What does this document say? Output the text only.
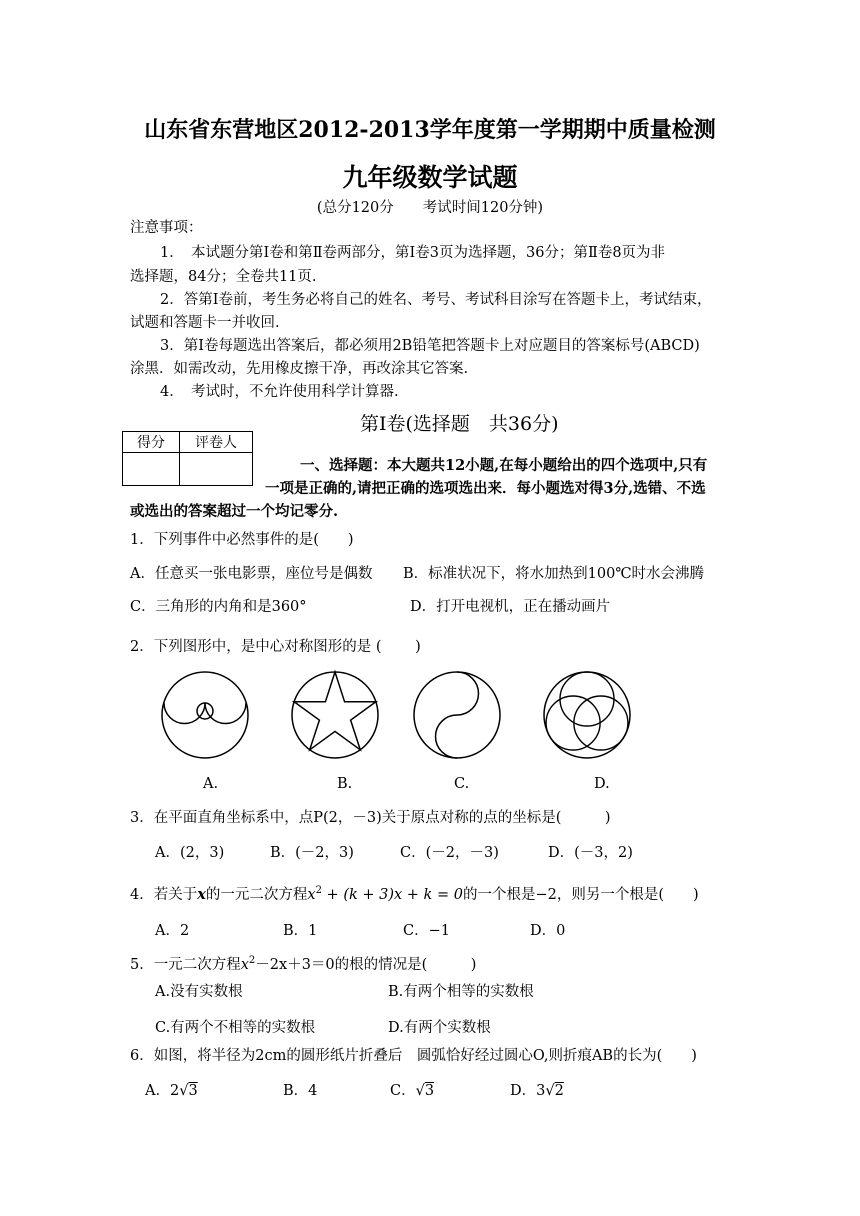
山东省东营地区2012-2013学年度第一学期期中质量检测
九年级数学试题
(总分120分　　考试时间120分钟)
注意事项：
1．　本试题分第Ⅰ卷和第Ⅱ卷两部分，第Ⅰ卷3页为选择题，36分；第Ⅱ卷8页为非
选择题，84分；全卷共11页.
2．答第Ⅰ卷前，考生务必将自己的姓名、考号、考试科目涂写在答题卡上，考试结束，
试题和答题卡一并收回.
3．第Ⅰ卷每题选出答案后，都必须用2B铅笔把答题卡上对应题目的答案标号(ABCD)
涂黑．如需改动，先用橡皮擦干净，再改涂其它答案.
4．　考试时，不允许使用科学计算器.
第Ⅰ卷(选择题　共36分)
得分	评卷人

一、选择题：本大题共12小题,在每小题给出的四个选项中,只有
一项是正确的,请把正确的选项选出来．每小题选对得3分,选错、不选
或选出的答案超过一个均记零分.
1．下列事件中必然事件的是(　　)
A．任意买一张电影票，座位号是偶数 B．标准状况下，将水加热到100℃时水会沸腾
C．三角形的内角和是360°	D．打开电视机，正在播动画片
2．下列图形中，是中心对称图形的是 (　　 )
A.	B.	C.	D.
3．在平面直角坐标系中，点P(2，－3)关于原点对称的点的坐标是(　　　)
A．(2，3)	B．(－2，3)	C．(－2，－3)	D．(－3，2)
4．若关于x的一元二次方程$x^2 + (k + 3)x + k = 0$的一个根是−2，则另一个根是(　　)
A．2	B．1	C．−1	D．0
5．一元二次方程$x^2-2x+3=0$的根的情况是(　　　)
A.没有实数根	B.有两个相等的实数根
C.有两个不相等的实数根	D.有两个实数根
6．如图，将半径为2cm的圆形纸片折叠后　圆弧恰好经过圆心O,则折痕AB的长为(　　)
A．2√3	B．4	C．√3	D．3√2
